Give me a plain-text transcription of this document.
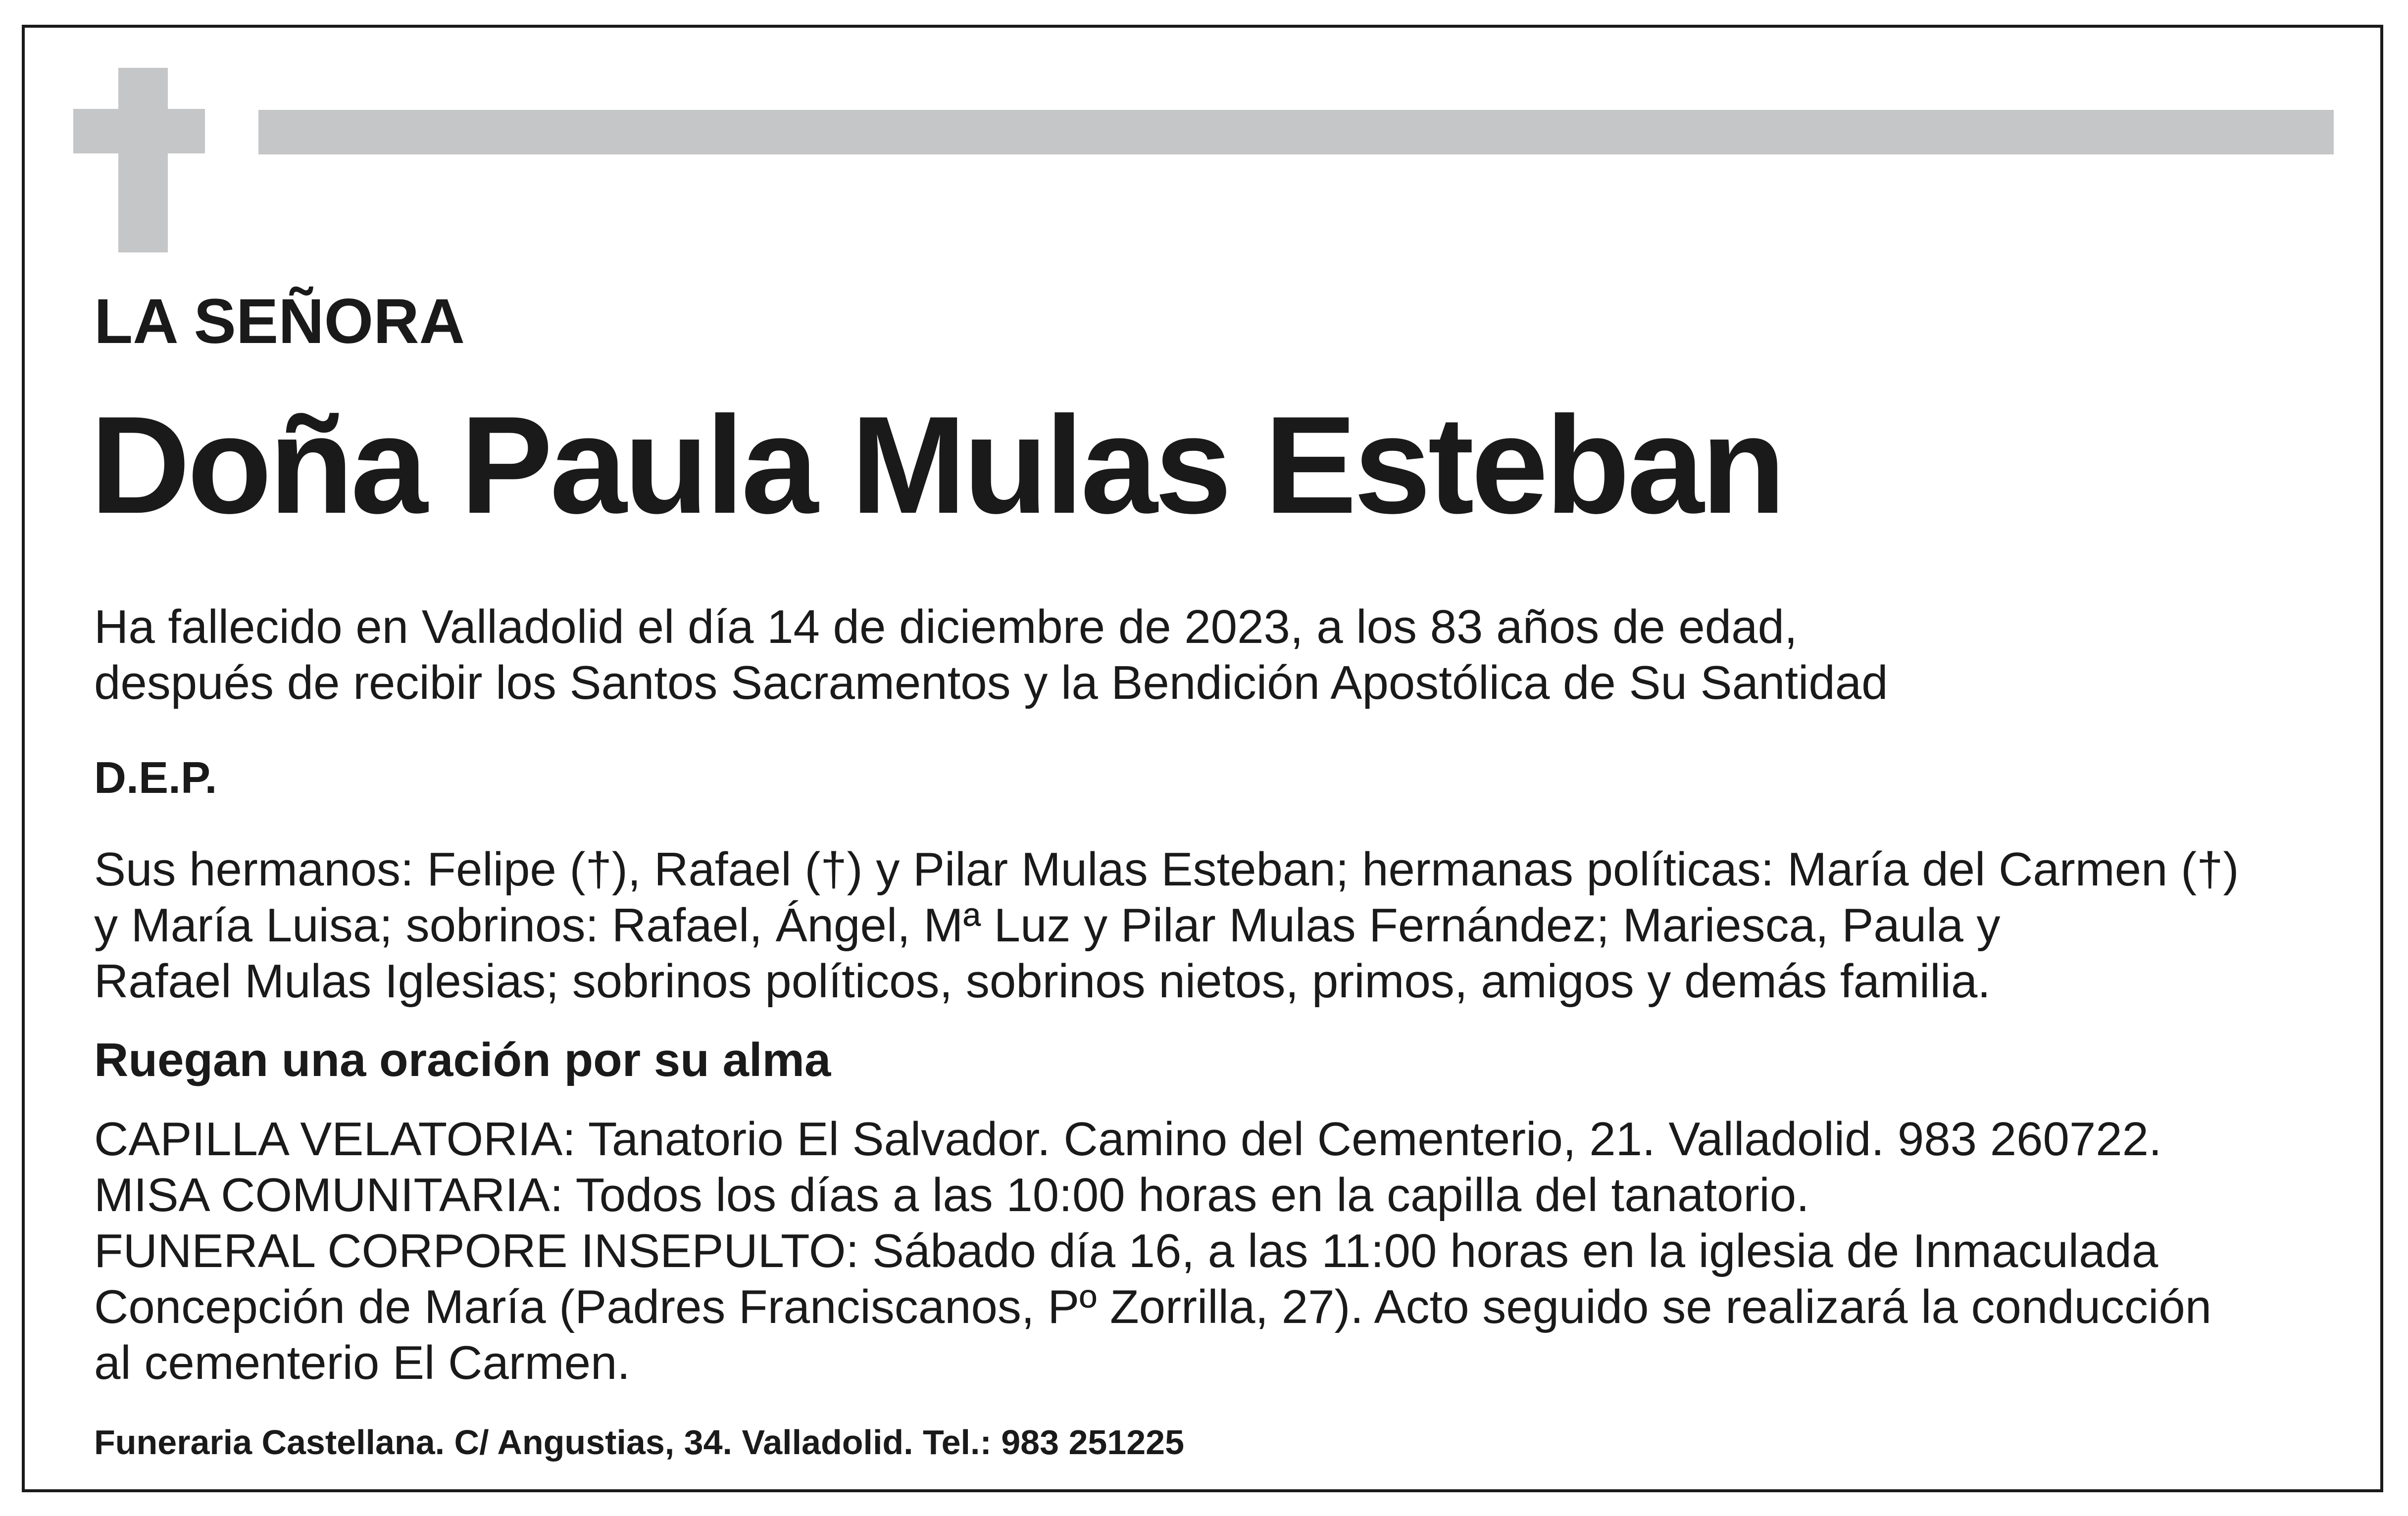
LA SEÑORA
Doña Paula Mulas Esteban
Ha fallecido en Valladolid el día 14 de diciembre de 2023, a los 83 años de edad,
después de recibir los Santos Sacramentos y la Bendición Apostólica de Su Santidad
D.E.P.
Sus hermanos: Felipe (†), Rafael (†) y Pilar Mulas Esteban; hermanas políticas: María del Carmen (†)
y María Luisa; sobrinos: Rafael, Ángel, Mª Luz y Pilar Mulas Fernández; Mariesca, Paula y
Rafael Mulas Iglesias; sobrinos políticos, sobrinos nietos, primos, amigos y demás familia.
Ruegan una oración por su alma
CAPILLA VELATORIA: Tanatorio El Salvador. Camino del Cementerio, 21. Valladolid. 983 260722.
MISA COMUNITARIA: Todos los días a las 10:00 horas en la capilla del tanatorio.
FUNERAL CORPORE INSEPULTO: Sábado día 16, a las 11:00 horas en la iglesia de Inmaculada
Concepción de María (Padres Franciscanos, Pº Zorrilla, 27). Acto seguido se realizará la conducción
al cementerio El Carmen.
Funeraria Castellana. C/ Angustias, 34. Valladolid. Tel.: 983 251225
